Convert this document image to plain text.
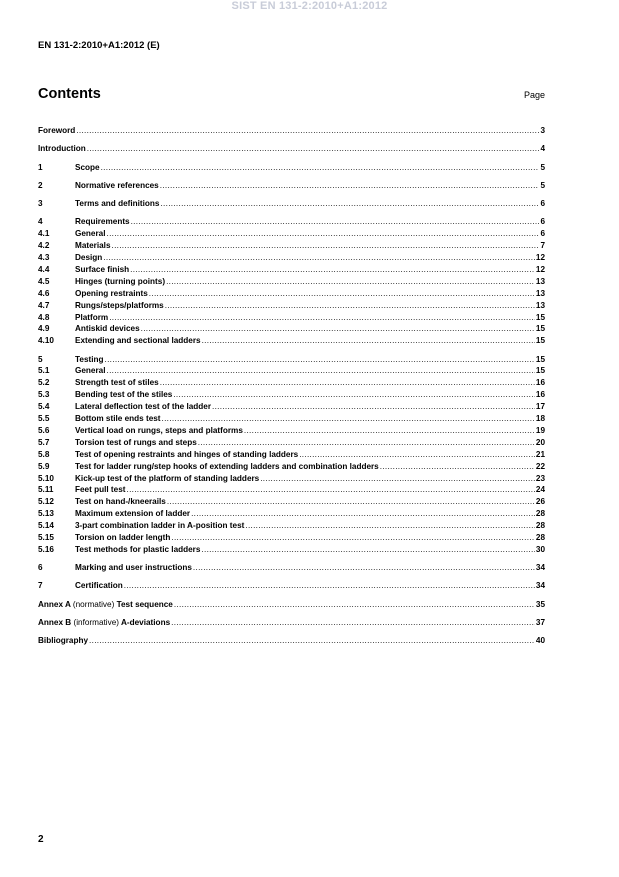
SIST EN 131-2:2010+A1:2012
EN 131-2:2010+A1:2012 (E)
Contents	Page
Foreword .....	3
Introduction .....	4
1	Scope .....	5
2	Normative references .....	5
3	Terms and definitions .....	6
4	Requirements .....	6
4.1	General .....	6
4.2	Materials .....	7
4.3	Design .....	12
4.4	Surface finish .....	12
4.5	Hinges (turning points) .....	13
4.6	Opening restraints .....	13
4.7	Rungs/steps/platforms .....	13
4.8	Platform .....	15
4.9	Antiskid devices .....	15
4.10	Extending and sectional ladders .....	15
5	Testing .....	15
5.1	General .....	15
5.2	Strength test of stiles .....	16
5.3	Bending test of the stiles .....	16
5.4	Lateral deflection test of the ladder .....	17
5.5	Bottom stile ends test .....	18
5.6	Vertical load on rungs, steps and platforms .....	19
5.7	Torsion test of rungs and steps .....	20
5.8	Test of opening restraints and hinges of standing ladders .....	21
5.9	Test for ladder rung/step hooks of extending ladders and combination ladders .....	22
5.10	Kick-up test of the platform of standing ladders .....	23
5.11	Feet pull test .....	24
5.12	Test on hand-/kneerails .....	26
5.13	Maximum extension of ladder .....	28
5.14	3-part combination ladder in A-position test .....	28
5.15	Torsion on ladder length .....	28
5.16	Test methods for plastic ladders .....	30
6	Marking and user instructions .....	34
7	Certification .....	34
Annex A (normative) Test sequence .....	35
Annex B (informative) A-deviations .....	37
Bibliography .....	40
2
